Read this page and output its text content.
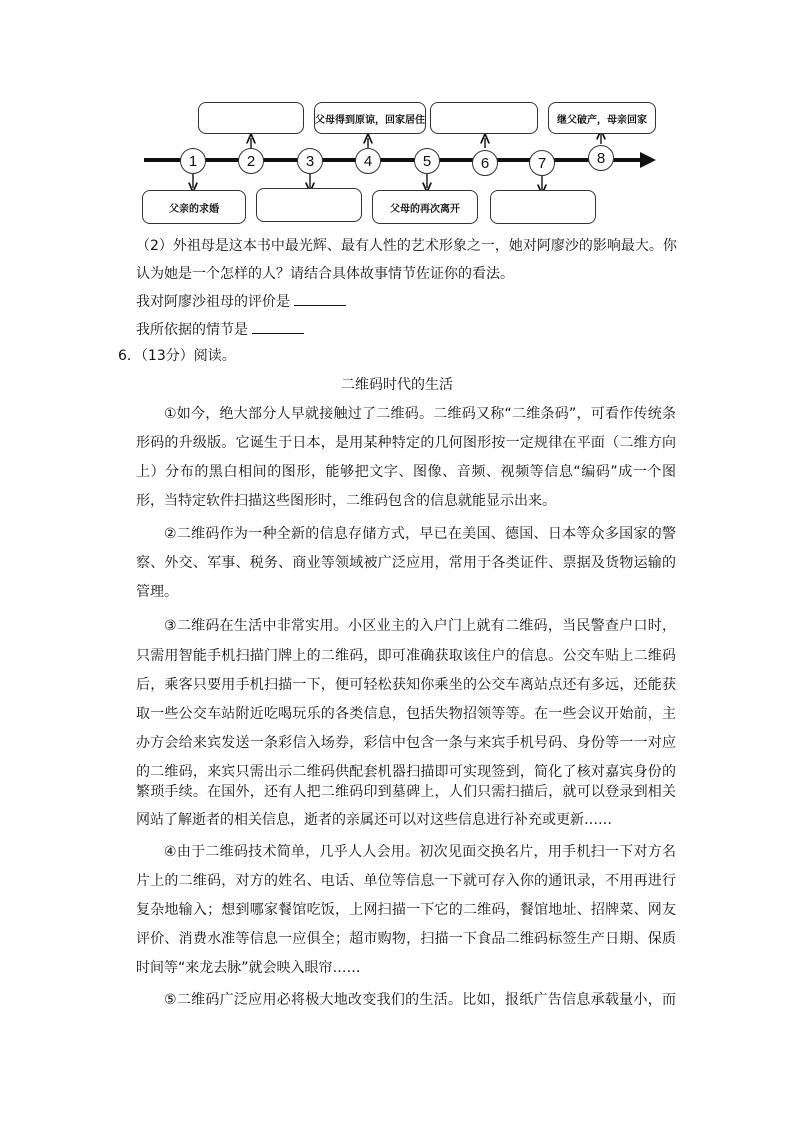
父母得到原谅，回家居住	继父破产，母亲回家
1	2	3	4	5	6	7	8
父亲的求婚	父母的再次离开
（2）外祖母是这本书中最光辉、最有人性的艺术形象之一，她对阿廖沙的影响最大。你
认为她是一个怎样的人？请结合具体故事情节佐证你的看法。
我对阿廖沙祖母的评价是
我所依据的情节是
6．（13分）阅读。
二维码时代的生活
①如今，绝大部分人早就接触过了二维码。二维码又称“二维条码”，可看作传统条
形码的升级版。它诞生于日本，是用某种特定的几何图形按一定规律在平面（二维方向
上）分布的黑白相间的图形，能够把文字、图像、音频、视频等信息“编码”成一个图
形，当特定软件扫描这些图形时，二维码包含的信息就能显示出来。
②二维码作为一种全新的信息存储方式，早已在美国、德国、日本等众多国家的警
察、外交、军事、税务、商业等领域被广泛应用，常用于各类证件、票据及货物运输的
管理。
③二维码在生活中非常实用。小区业主的入户门上就有二维码，当民警查户口时，
只需用智能手机扫描门牌上的二维码，即可准确获取该住户的信息。公交车贴上二维码
后，乘客只要用手机扫描一下，便可轻松获知你乘坐的公交车离站点还有多远，还能获
取一些公交车站附近吃喝玩乐的各类信息，包括失物招领等等。在一些会议开始前，主
办方会给来宾发送一条彩信入场券，彩信中包含一条与来宾手机号码、身份等一一对应
的二维码，来宾只需出示二维码供配套机器扫描即可实现签到，简化了核对嘉宾身份的
繁琐手续。在国外，还有人把二维码印到墓碑上，人们只需扫描后，就可以登录到相关
网站了解逝者的相关信息，逝者的亲属还可以对这些信息进行补充或更新……
④由于二维码技术简单，几乎人人会用。初次见面交换名片，用手机扫一下对方名
片上的二维码，对方的姓名、电话、单位等信息一下就可存入你的通讯录，不用再进行
复杂地输入；想到哪家餐馆吃饭，上网扫描一下它的二维码，餐馆地址、招牌菜、网友
评价、消费水准等信息一应俱全；超市购物，扫描一下食品二维码标签生产日期、保质
时间等“来龙去脉”就会映入眼帘……
⑤二维码广泛应用必将极大地改变我们的生活。比如，报纸广告信息承载量小，而
